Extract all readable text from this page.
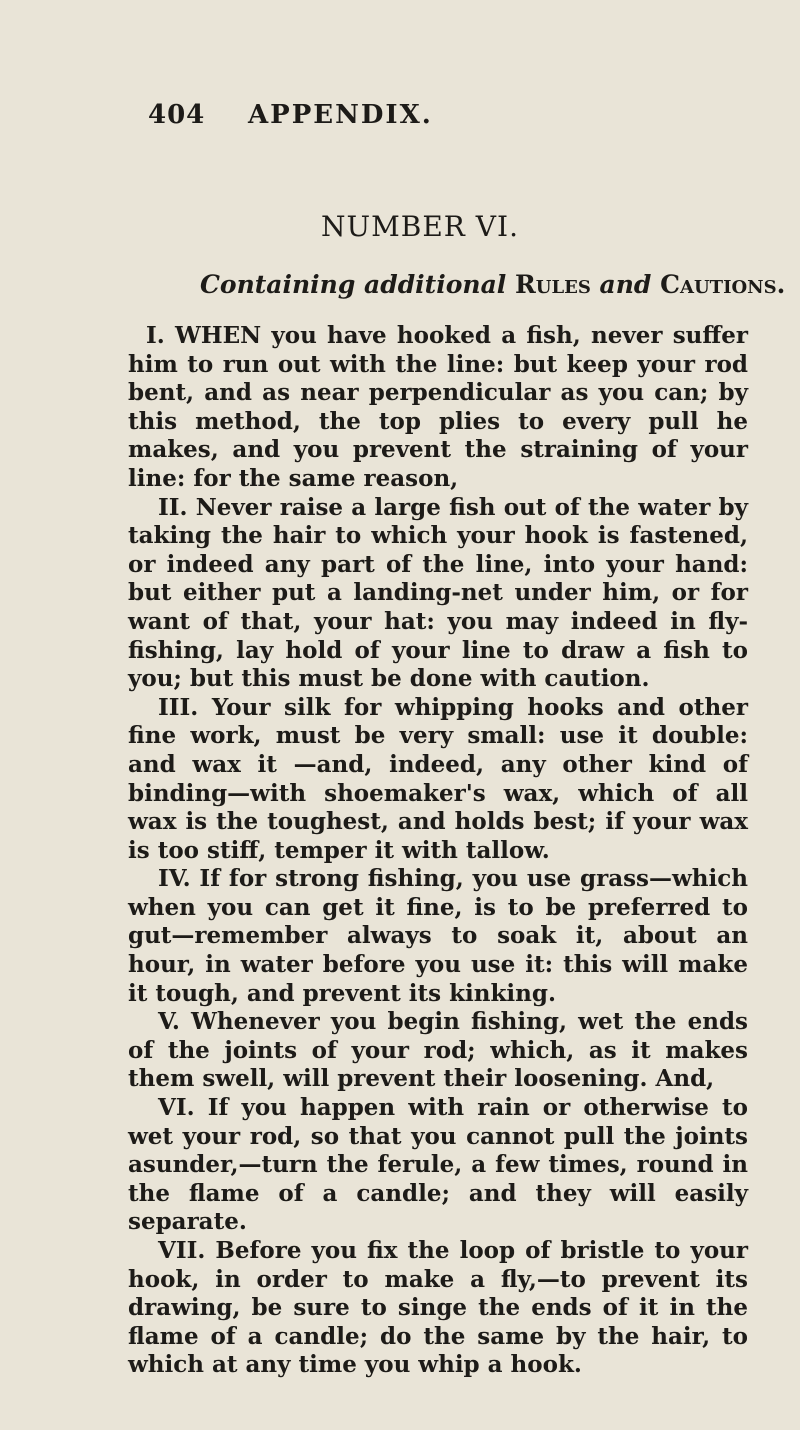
404 APPENDIX.
NUMBER VI.
Containing additional Rules and Cautions.

I. WHEN you have hooked a fish, never suffer him to run out with the line: but keep your rod bent, and as near perpendicular as you can; by this method, the top plies to every pull he makes, and you prevent the straining of your line: for the same reason,

II. Never raise a large fish out of the water by taking the hair to which your hook is fastened, or indeed any part of the line, into your hand: but either put a landing-net under him, or for want of that, your hat: you may indeed in fly-fishing, lay hold of your line to draw a fish to you; but this must be done with caution.

III. Your silk for whipping hooks and other fine work, must be very small: use it double: and wax it —and, indeed, any other kind of binding—with shoemaker's wax, which of all wax is the toughest, and holds best; if your wax is too stiff, temper it with tallow.

IV. If for strong fishing, you use grass—which when you can get it fine, is to be preferred to gut—remember always to soak it, about an hour, in water before you use it: this will make it tough, and prevent its kinking.

V. Whenever you begin fishing, wet the ends of the joints of your rod; which, as it makes them swell, will prevent their loosening. And,

VI. If you happen with rain or otherwise to wet your rod, so that you cannot pull the joints asunder,—turn the ferule, a few times, round in the flame of a candle; and they will easily separate.

VII. Before you fix the loop of bristle to your hook, in order to make a fly,—to prevent its drawing, be sure to singe the ends of it in the flame of a candle; do the same by the hair, to which at any time you whip a hook.
